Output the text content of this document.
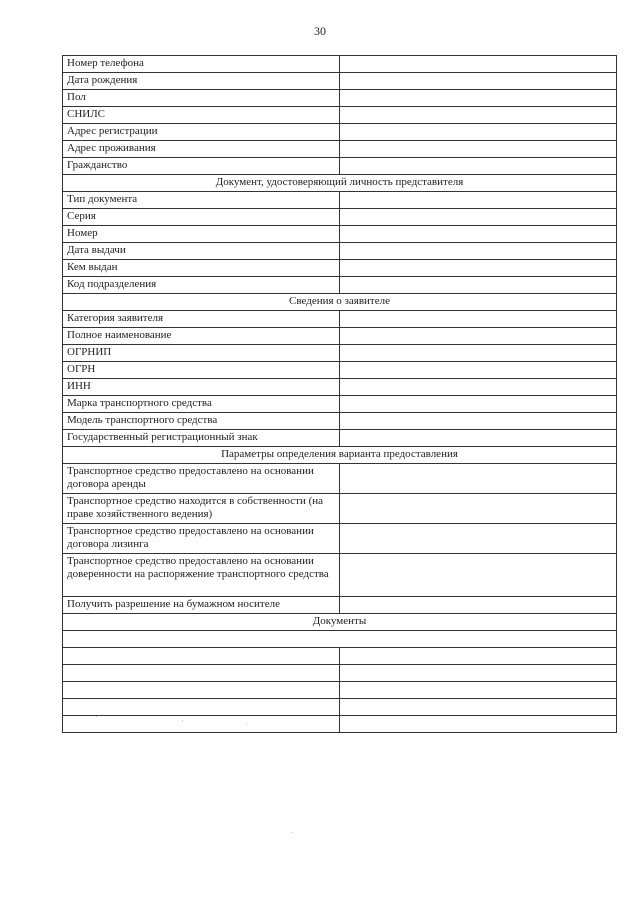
30
Номер телефона	
Дата рождения	
Пол	
СНИЛС	
Адрес регистрации	
Адрес проживания	
Гражданство	
Документ, удостоверяющий личность представителя	
Тип документа	
Серия	
Номер	
Дата выдачи	
Кем выдан	
Код подразделения	
Сведения о заявителе	
Категория заявителя	
Полное наименование	
ОГРНИП	
ОГРН	
ИНН	
Марка транспортного средства	
Модель транспортного средства	
Государственный регистрационный знак	
Параметры определения варианта предоставления	
Транспортное средство предоставлено на основании договора аренды	
Транспортное средство находится в собственности (на праве хозяйственного ведения)	
Транспортное средство предоставлено на основании договора лизинга	
Транспортное средство предоставлено на основании доверенности на распоряжение транспортного средства	
Получить разрешение на бумажном носителе	
Документы	
